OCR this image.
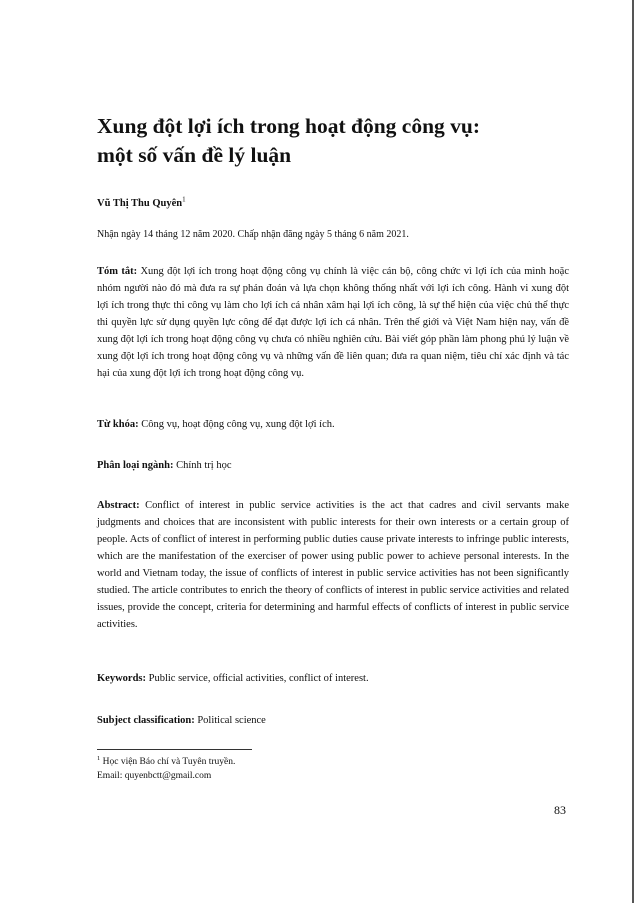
Xung đột lợi ích trong hoạt động công vụ:
một số vấn đề lý luận

Vũ Thị Thu Quyên$^1$

Nhận ngày 14 tháng 12 năm 2020. Chấp nhận đăng ngày 5 tháng 6 năm 2021.

Tóm tắt: Xung đột lợi ích trong hoạt động công vụ chính là việc cán bộ, công chức vì lợi ích của mình hoặc nhóm người nào đó mà đưa ra sự phán đoán và lựa chọn không thống nhất với lợi ích công. Hành vi xung đột lợi ích trong thực thi công vụ làm cho lợi ích cá nhân xâm hại lợi ích công, là sự thể hiện của việc chủ thể thực thi quyền lực sử dụng quyền lực công để đạt được lợi ích cá nhân. Trên thế giới và Việt Nam hiện nay, vấn đề xung đột lợi ích trong hoạt động công vụ chưa có nhiều nghiên cứu. Bài viết góp phần làm phong phú lý luận về xung đột lợi ích trong hoạt động công vụ và những vấn đề liên quan; đưa ra quan niệm, tiêu chí xác định và tác hại của xung đột lợi ích trong hoạt động công vụ.

Từ khóa: Công vụ, hoạt động công vụ, xung đột lợi ích.

Phân loại ngành: Chính trị học

Abstract: Conflict of interest in public service activities is the act that cadres and civil servants make judgments and choices that are inconsistent with public interests for their own interests or a certain group of people. Acts of conflict of interest in performing public duties cause private interests to infringe public interests, which are the manifestation of the exerciser of power using public power to achieve personal interests. In the world and Vietnam today, the issue of conflicts of interest in public service activities has not been significantly studied. The article contributes to enrich the theory of conflicts of interest in public service activities and related issues, provide the concept, criteria for determining and harmful effects of conflicts of interest in public service activities.

Keywords: Public service, official activities, conflict of interest.

Subject classification: Political science

$^1$ Học viện Báo chí và Tuyên truyền.
Email: quyenbctt@gmail.com

83
